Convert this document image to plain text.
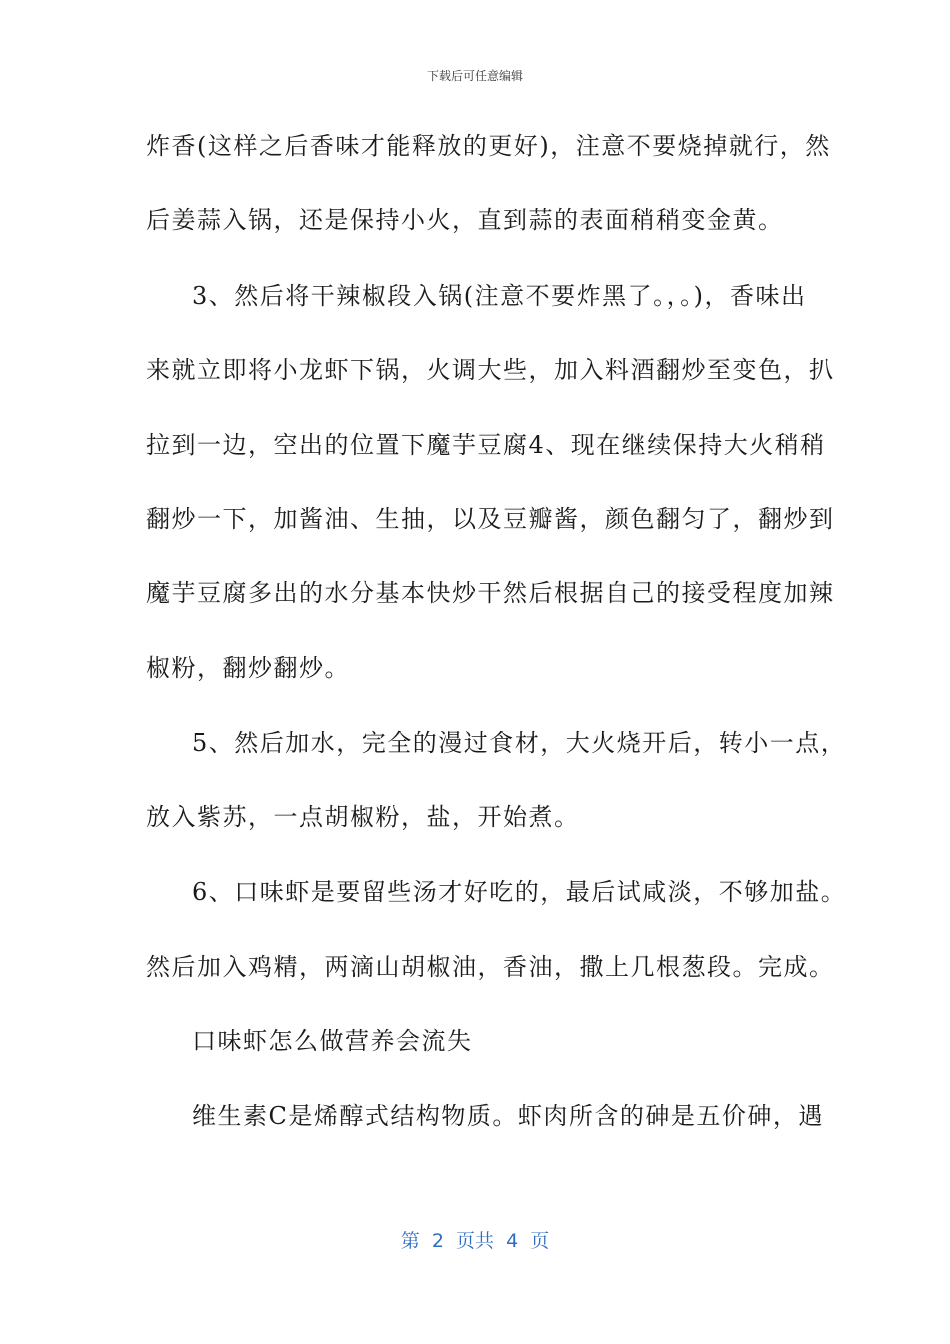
下载后可任意编辑
炸香(这样之后香味才能释放的更好)，注意不要烧掉就行，然
后姜蒜入锅，还是保持小火，直到蒜的表面稍稍变金黄。
3、然后将干辣椒段入锅(注意不要炸黑了。，。)，香味出
来就立即将小龙虾下锅，火调大些，加入料酒翻炒至变色，扒
拉到一边，空出的位置下魔芋豆腐4、现在继续保持大火稍稍
翻炒一下，加酱油、生抽，以及豆瓣酱，颜色翻匀了，翻炒到
魔芋豆腐多出的水分基本快炒干然后根据自己的接受程度加辣
椒粉，翻炒翻炒。
5、然后加水，完全的漫过食材，大火烧开后，转小一点，
放入紫苏，一点胡椒粉，盐，开始煮。
6、口味虾是要留些汤才好吃的，最后试咸淡，不够加盐。
然后加入鸡精，两滴山胡椒油，香油，撒上几根葱段。完成。
口味虾怎么做营养会流失
维生素C是烯醇式结构物质。虾肉所含的砷是五价砷，遇
第  2  页共  4  页
